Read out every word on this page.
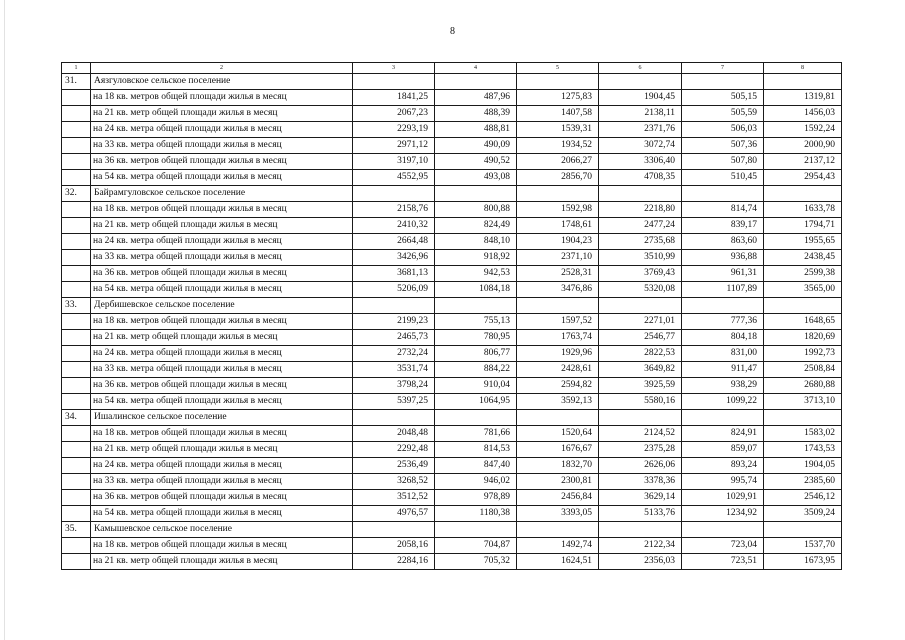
8
1	2	3	4	5	6	7	8
31.	Аязгуловское сельское поселение						
	на 18 кв. метров общей площади жилья в месяц	1841,25	487,96	1275,83	1904,45	505,15	1319,81
	на 21 кв. метр общей площади жилья в месяц	2067,23	488,39	1407,58	2138,11	505,59	1456,03
	на 24 кв. метра общей площади жилья в месяц	2293,19	488,81	1539,31	2371,76	506,03	1592,24
	на 33 кв. метра общей площади жилья в месяц	2971,12	490,09	1934,52	3072,74	507,36	2000,90
	на 36 кв. метров общей площади жилья в месяц	3197,10	490,52	2066,27	3306,40	507,80	2137,12
	на 54 кв. метра общей площади жилья в месяц	4552,95	493,08	2856,70	4708,35	510,45	2954,43
32.	Байрамгуловское сельское поселение						
	на 18 кв. метров общей площади жилья в месяц	2158,76	800,88	1592,98	2218,80	814,74	1633,78
	на 21 кв. метр общей площади жилья в месяц	2410,32	824,49	1748,61	2477,24	839,17	1794,71
	на 24 кв. метра общей площади жилья в месяц	2664,48	848,10	1904,23	2735,68	863,60	1955,65
	на 33 кв. метра общей площади жилья в месяц	3426,96	918,92	2371,10	3510,99	936,88	2438,45
	на 36 кв. метров общей площади жилья в месяц	3681,13	942,53	2528,31	3769,43	961,31	2599,38
	на 54 кв. метра общей площади жилья в месяц	5206,09	1084,18	3476,86	5320,08	1107,89	3565,00
33.	Дербишевское сельское поселение						
	на 18 кв. метров общей площади жилья в месяц	2199,23	755,13	1597,52	2271,01	777,36	1648,65
	на 21 кв. метр общей площади жилья в месяц	2465,73	780,95	1763,74	2546,77	804,18	1820,69
	на 24 кв. метра общей площади жилья в месяц	2732,24	806,77	1929,96	2822,53	831,00	1992,73
	на 33 кв. метра общей площади жилья в месяц	3531,74	884,22	2428,61	3649,82	911,47	2508,84
	на 36 кв. метров общей площади жилья в месяц	3798,24	910,04	2594,82	3925,59	938,29	2680,88
	на 54 кв. метра общей площади жилья в месяц	5397,25	1064,95	3592,13	5580,16	1099,22	3713,10
34.	Ишалинское сельское поселение						
	на 18 кв. метров общей площади жилья в месяц	2048,48	781,66	1520,64	2124,52	824,91	1583,02
	на 21 кв. метр общей площади жилья в месяц	2292,48	814,53	1676,67	2375,28	859,07	1743,53
	на 24 кв. метра общей площади жилья в месяц	2536,49	847,40	1832,70	2626,06	893,24	1904,05
	на 33 кв. метра общей площади жилья в месяц	3268,52	946,02	2300,81	3378,36	995,74	2385,60
	на 36 кв. метров общей площади жилья в месяц	3512,52	978,89	2456,84	3629,14	1029,91	2546,12
	на 54 кв. метра общей площади жилья в месяц	4976,57	1180,38	3393,05	5133,76	1234,92	3509,24
35.	Камышевское сельское поселение						
	на 18 кв. метров общей площади жилья в месяц	2058,16	704,87	1492,74	2122,34	723,04	1537,70
	на 21 кв. метр общей площади жилья в месяц	2284,16	705,32	1624,51	2356,03	723,51	1673,95
